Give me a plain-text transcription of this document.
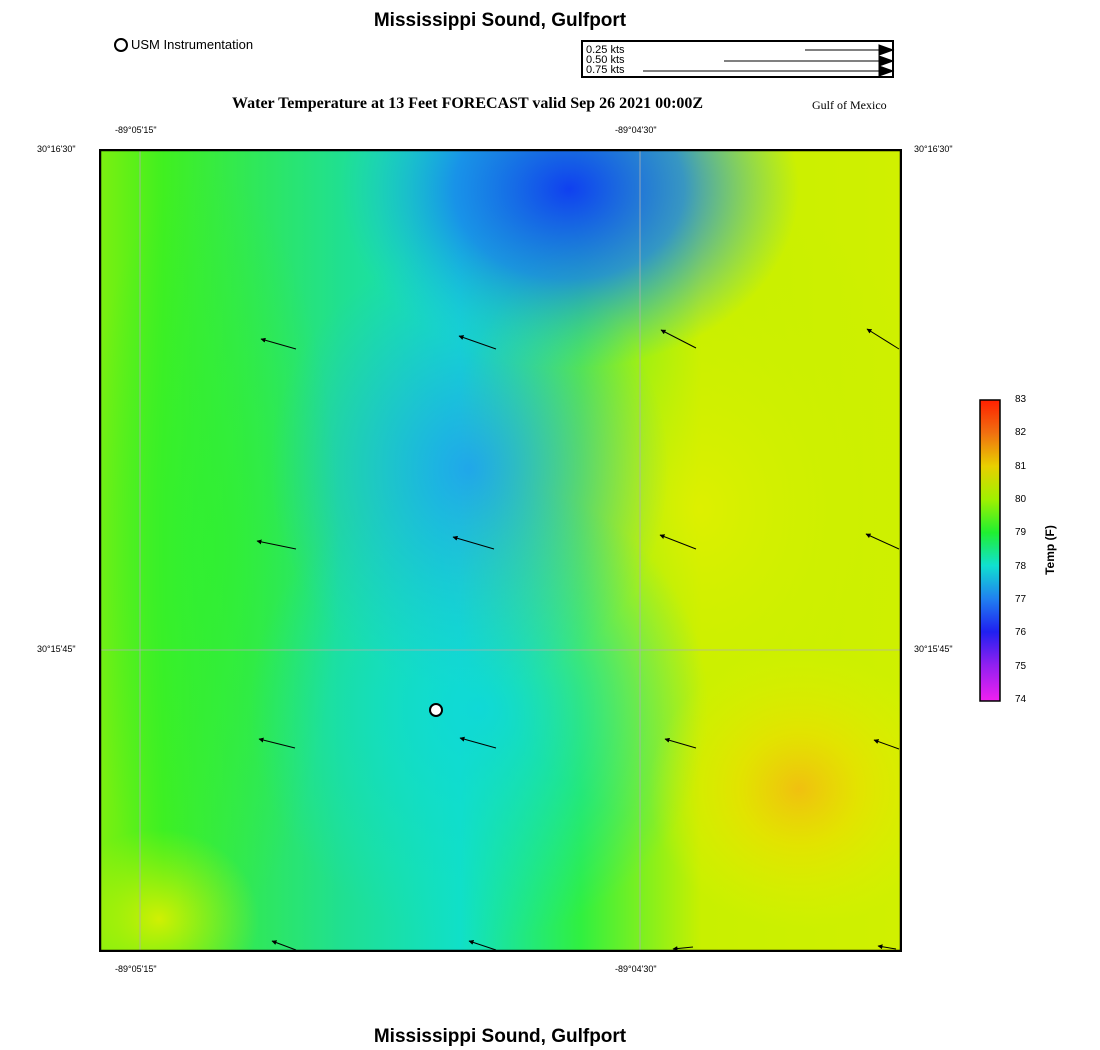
Mississippi Sound, Gulfport
USM Instrumentation	0.25 kts
0.50 kts
0.75 kts
Water Temperature at 13 Feet FORECAST valid Sep 26 2021 00:00Z	Gulf of Mexico
-89°05'15"	-89°04'30"
-89°05'15"	-89°04'30"
30°16'30"
30°15'45"
30°16'30"
30°15'45"
83
82
81
80
79
78
77
76
75
74
Temp (F)
Mississippi Sound, Gulfport
